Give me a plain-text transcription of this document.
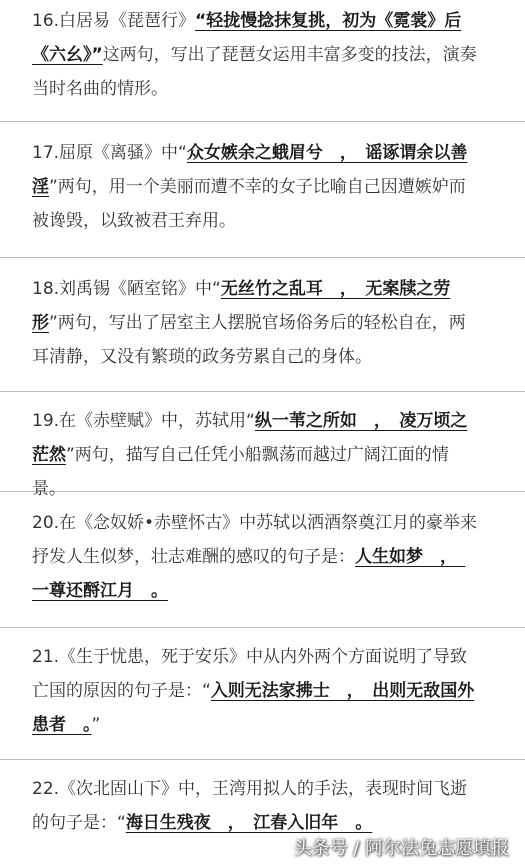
16.白居易《琵琶行》“轻拢慢捻抹复挑，初为《霓裳》后《六幺》”这两句，写出了琵琶女运用丰富多变的技法，演奏当时名曲的情形。
17.屈原《离骚》中“众女嫉余之蛾眉兮　，　谣诼谓余以善淫”两句，用一个美丽而遭不幸的女子比喻自己因遭嫉妒而被谗毁，以致被君王弃用。
18.刘禹锡《陋室铭》中“无丝竹之乱耳　，　无案牍之劳形”两句，写出了居室主人摆脱官场俗务后的轻松自在，两耳清静，又没有繁琐的政务劳累自己的身体。
19.在《赤壁赋》中，苏轼用“纵一苇之所如　，　凌万顷之茫然”两句，描写自己任凭小船飘荡而越过广阔江面的情景。
20.在《念奴娇•赤壁怀古》中苏轼以洒酒祭奠江月的豪举来抒发人生似梦，壮志难酬的感叹的句子是：人生如梦　，　一尊还酹江月　。
21.《生于忧患，死于安乐》中从内外两个方面说明了导致亡国的原因的句子是：“入则无法家拂士　，　出则无敌国外患者　。”
22.《次北固山下》中，王湾用拟人的手法，表现时间飞逝的句子是：“海日生残夜　，　江春入旧年　。
头条号 / 阿尔法兔志愿填报
